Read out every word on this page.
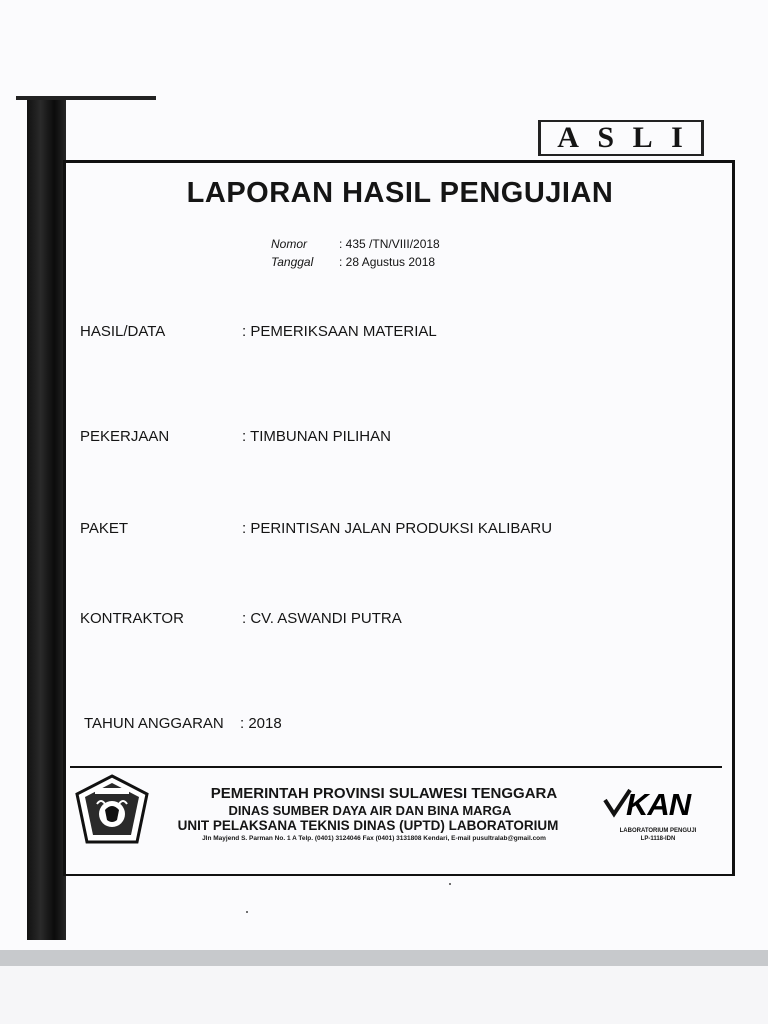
A S L I
LAPORAN HASIL PENGUJIAN
Nomor	: 435 /TN/VIII/2018
Tanggal : 28 Agustus 2018
HASIL/DATA	: PEMERIKSAAN MATERIAL
PEKERJAAN	: TIMBUNAN PILIHAN
PAKET	: PERINTISAN JALAN PRODUKSI KALIBARU
KONTRAKTOR	: CV. ASWANDI PUTRA
TAHUN ANGGARAN : 2018
PEMERINTAH PROVINSI SULAWESI TENGGARA
DINAS SUMBER DAYA AIR DAN BINA MARGA
UNIT PELAKSANA TEKNIS DINAS (UPTD) LABORATORIUM
Jln Mayjend S. Parman No. 1 A Telp. (0401) 3124046 Fax (0401) 3131808 Kendari, E-mail pusultralab@gmail.com
KAN
LABORATORIUM PENGUJI
LP-1118-IDN
